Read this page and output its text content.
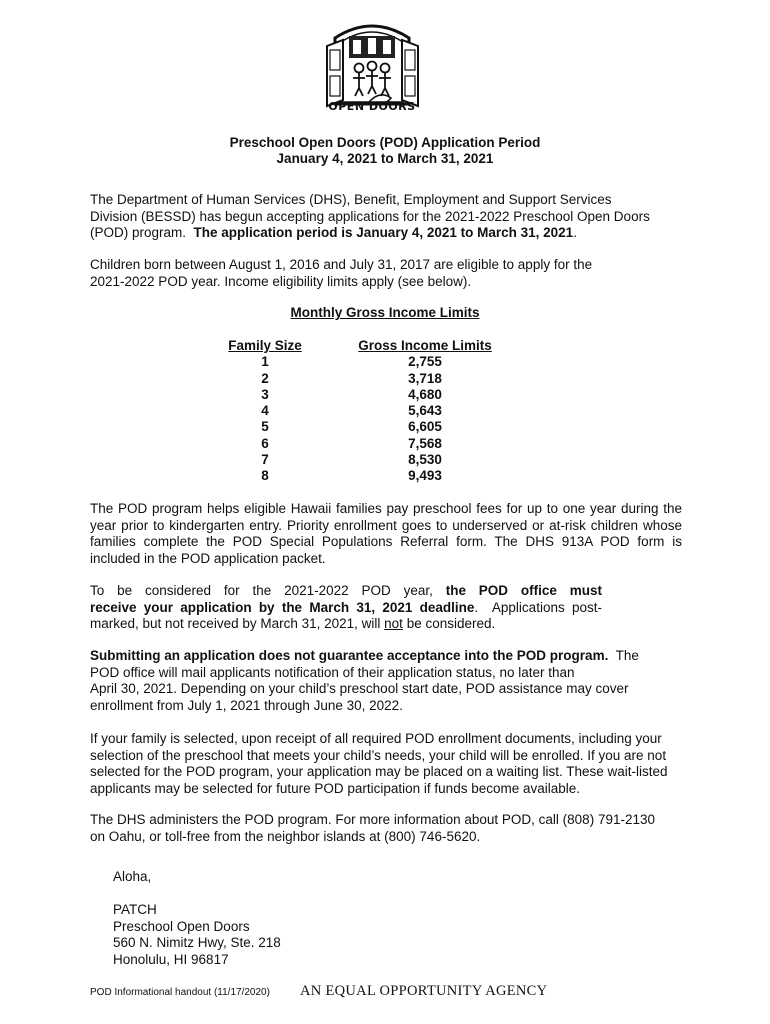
OPEN DOORS
Preschool Open Doors (POD) Application Period
January 4, 2021 to March 31, 2021
The Department of Human Services (DHS), Benefit, Employment and Support Services
Division (BESSD) has begun accepting applications for the 2021-2022 Preschool Open Doors
(POD) program.  The application period is January 4, 2021 to March 31, 2021.
Children born between August 1, 2016 and July 31, 2017 are eligible to apply for the
2021-2022 POD year. Income eligibility limits apply (see below).
Monthly Gross Income Limits
Family Size	Gross Income Limits
1	2,755
2	3,718
3	4,680
4	5,643
5	6,605
6	7,568
7	8,530
8	9,493
The POD program helps eligible Hawaii families pay preschool fees for up to one year during the
year prior to kindergarten entry. Priority enrollment goes to underserved or at-risk children whose
families complete the POD Special Populations Referral form. The DHS 913A POD form is
included in the POD application packet.
To be considered for the 2021-2022 POD year, the POD office must
receive your application by the March 31, 2021 deadline.  Applications post-
marked, but not received by March 31, 2021, will not be considered.
Submitting an application does not guarantee acceptance into the POD program.  The
POD office will mail applicants notification of their application status, no later than
April 30, 2021. Depending on your child’s preschool start date, POD assistance may cover
enrollment from July 1, 2021 through June 30, 2022.
If your family is selected, upon receipt of all required POD enrollment documents, including your
selection of the preschool that meets your child’s needs, your child will be enrolled. If you are not
selected for the POD program, your application may be placed on a waiting list. These wait-listed
applicants may be selected for future POD participation if funds become available.
The DHS administers the POD program. For more information about POD, call (808) 791-2130
on Oahu, or toll-free from the neighbor islands at (800) 746-5620.
Aloha,
PATCH
Preschool Open Doors
560 N. Nimitz Hwy, Ste. 218
Honolulu, HI 96817
POD Informational handout (11/17/2020) AN EQUAL OPPORTUNITY AGENCY
